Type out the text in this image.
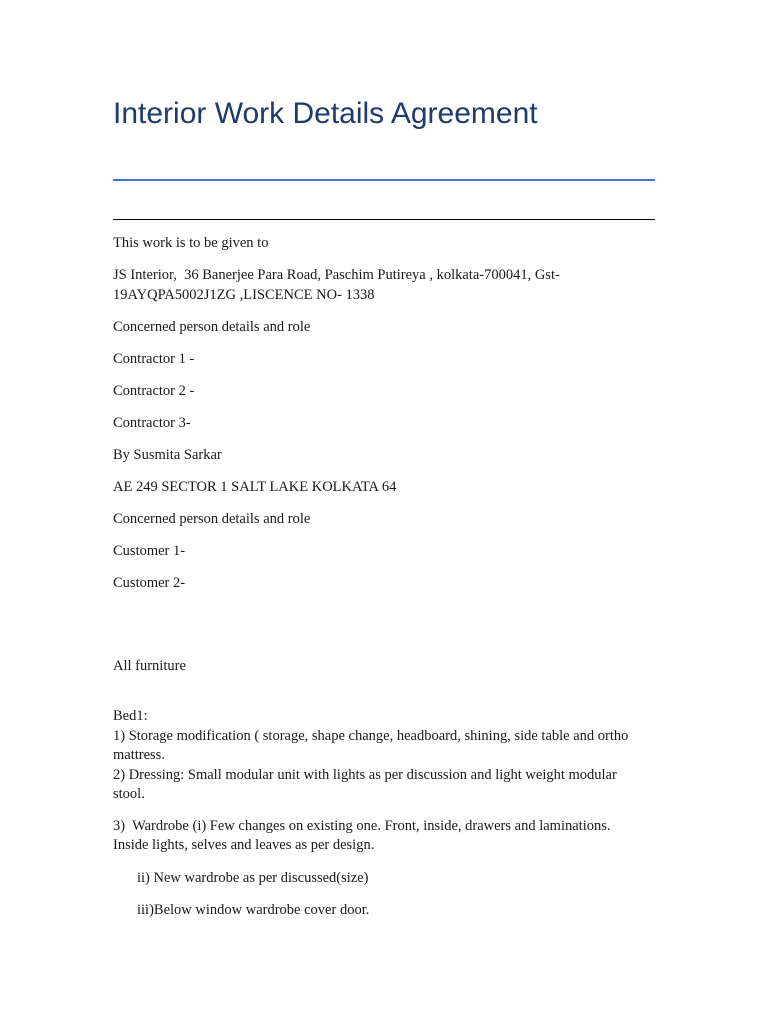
Interior Work Details Agreement

This work is to be given to

JS Interior,  36 Banerjee Para Road, Paschim Putireya , kolkata-700041, Gst-
19AYQPA5002J1ZG ,LISCENCE NO- 1338

Concerned person details and role

Contractor 1 -

Contractor 2 -

Contractor 3-

By Susmita Sarkar

AE 249 SECTOR 1 SALT LAKE KOLKATA 64

Concerned person details and role

Customer 1-

Customer 2-

All furniture

Bed1:
1) Storage modification ( storage, shape change, headboard, shining, side table and ortho
mattress.
2) Dressing: Small modular unit with lights as per discussion and light weight modular
stool.

3)  Wardrobe (i) Few changes on existing one. Front, inside, drawers and laminations.
Inside lights, selves and leaves as per design.

ii) New wardrobe as per discussed(size)

iii)Below window wardrobe cover door.
